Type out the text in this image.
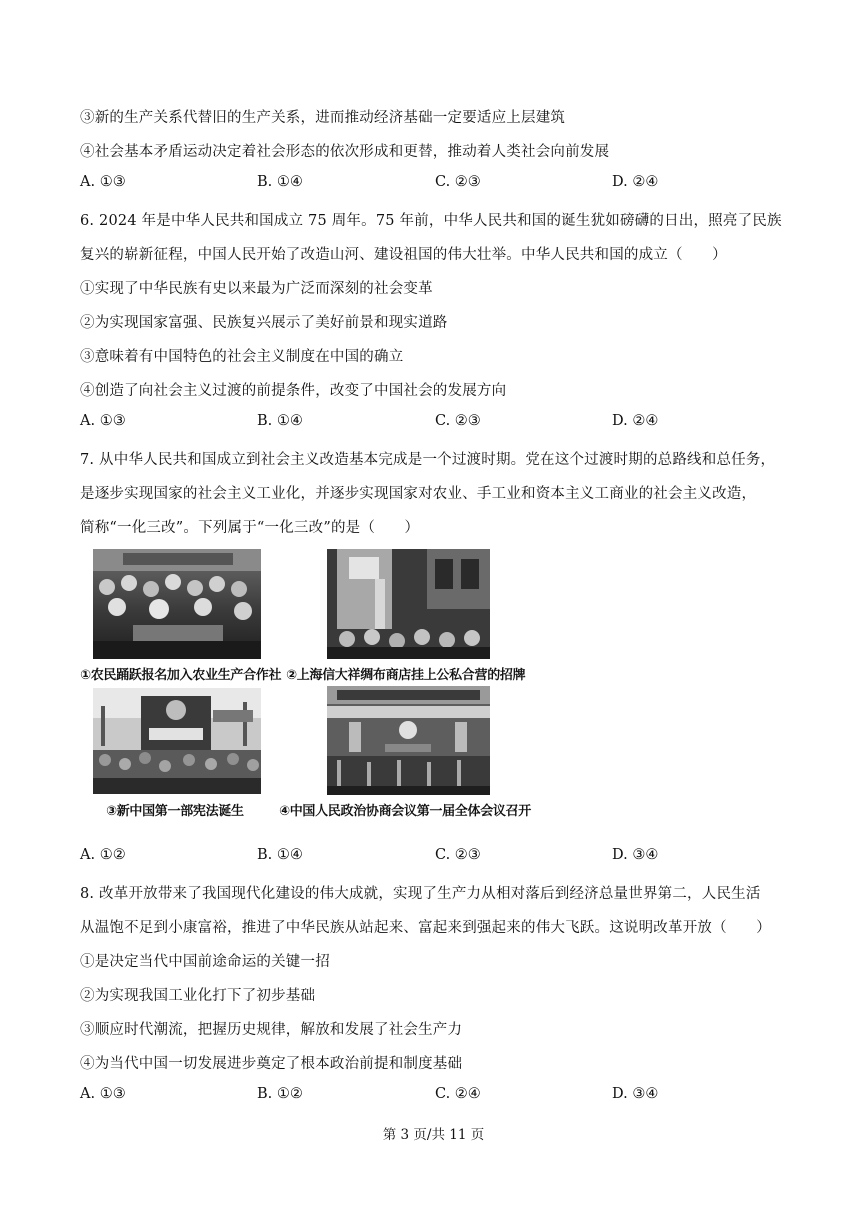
③新的生产关系代替旧的生产关系，进而推动经济基础一定要适应上层建筑
④社会基本矛盾运动决定着社会形态的依次形成和更替，推动着人类社会向前发展
A. ①③	B. ①④	C. ②③	D. ②④
6. 2024 年是中华人民共和国成立 75 周年。75 年前，中华人民共和国的诞生犹如磅礴的日出，照亮了民族
复兴的崭新征程，中国人民开始了改造山河、建设祖国的伟大壮举。中华人民共和国的成立（　　）
①实现了中华民族有史以来最为广泛而深刻的社会变革
②为实现国家富强、民族复兴展示了美好前景和现实道路
③意味着有中国特色的社会主义制度在中国的确立
④创造了向社会主义过渡的前提条件，改变了中国社会的发展方向
A. ①③	B. ①④	C. ②③	D. ②④
7. 从中华人民共和国成立到社会主义改造基本完成是一个过渡时期。党在这个过渡时期的总路线和总任务，
是逐步实现国家的社会主义工业化，并逐步实现国家对农业、手工业和资本主义工商业的社会主义改造，
简称“一化三改”。下列属于“一化三改”的是（　　）
①农民踊跃报名加入农业生产合作社 ②上海信大祥绸布商店挂上公私合营的招牌
③新中国第一部宪法诞生	④中国人民政治协商会议第一届全体会议召开
A. ①②	B. ①④	C. ②③	D. ③④
8. 改革开放带来了我国现代化建设的伟大成就，实现了生产力从相对落后到经济总量世界第二，人民生活
从温饱不足到小康富裕，推进了中华民族从站起来、富起来到强起来的伟大飞跃。这说明改革开放（　　）
①是决定当代中国前途命运的关键一招
②为实现我国工业化打下了初步基础
③顺应时代潮流，把握历史规律，解放和发展了社会生产力
④为当代中国一切发展进步奠定了根本政治前提和制度基础
A. ①③	B. ①②	C. ②④	D. ③④
第 3 页/共 11 页
